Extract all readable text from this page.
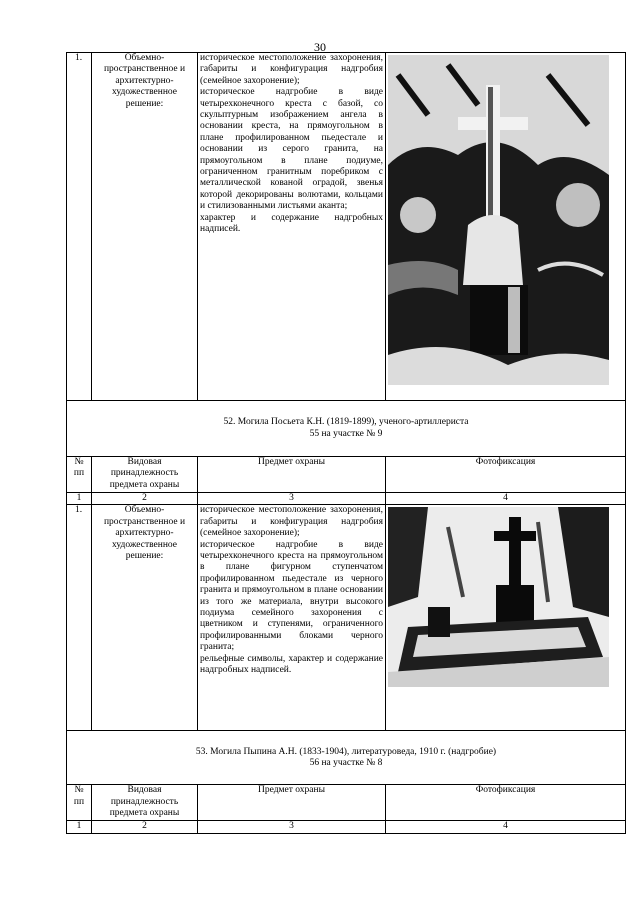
30
1.	Объемно-пространственное и архитектурно-художественное решение:	историческое местоположение захоронения, габариты и конфигурация надгробия (семейное захоронение);

историческое надгробие в виде четырехконечного креста с базой, со скульптурным изображением ангела в основании креста, на прямоугольном в плане профилированном пьедестале и основании из серого гранита, на прямоугольном в плане подиуме, ограниченном гранитным поребриком с металлической кованой оградой, звенья которой декорированы волютами, кольцами и стилизованными листьями аканта;

характер и содержание надгробных надписей.

52. Могила Посьета К.Н. (1819-1899), ученого-артиллериста
55 на участке № 9			

№ пп	Видовая принадлежность предмета охраны	Предмет охраны	Фотофиксация
1	2	3	4
1.	Объемно-пространственное и архитектурно-художественное решение:	историческое местоположение захоронения, габариты и конфигурация надгробия (семейное захоронение);

историческое надгробие в виде четырехконечного креста на прямоугольном в плане фигурном ступенчатом профилированном пьедестале из черного гранита и прямоугольном в плане основании из того же материала, внутри высокого подиума семейного захоронения с цветником и ступенями, ограниченного профилированными блоками черного гранита;

рельефные символы, характер и содержание надгробных надписей.

53. Могила Пыпина А.Н. (1833-1904), литературоведа, 1910 г. (надгробие)
56 на участке № 8			

№ пп	Видовая принадлежность предмета охраны	Предмет охраны	Фотофиксация
1	2	3	4
